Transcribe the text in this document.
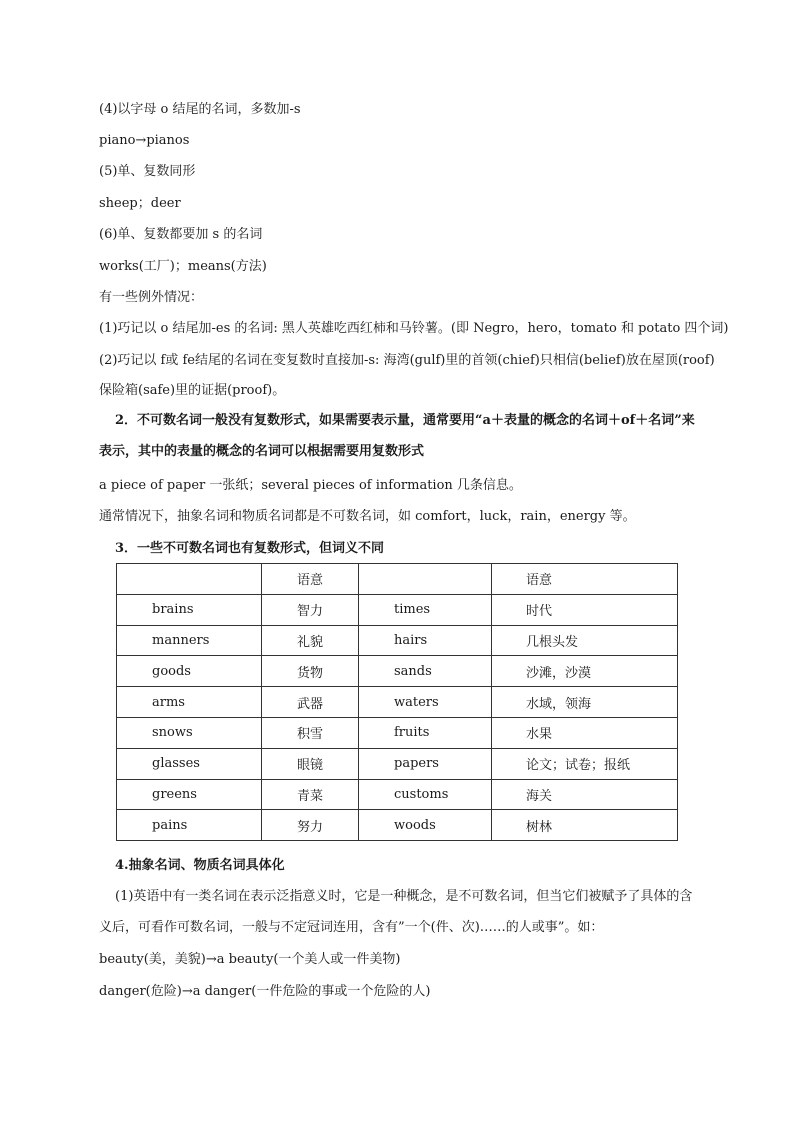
(4)以字母 o 结尾的名词，多数加-s
piano→pianos
(5)单、复数同形
sheep；deer
(6)单、复数都要加 s 的名词
works(工厂)；means(方法)
有一些例外情况：
(1)巧记以 o 结尾加-es 的名词: 黑人英雄吃西红柿和马铃薯。(即 Negro，hero，tomato 和 potato 四个词)
(2)巧记以 f或 fe结尾的名词在变复数时直接加-s: 海湾(gulf)里的首领(chief)只相信(belief)放在屋顶(roof)
保险箱(safe)里的证据(proof)。
2．不可数名词一般没有复数形式，如果需要表示量，通常要用“a＋表量的概念的名词＋of＋名词”来
表示，其中的表量的概念的名词可以根据需要用复数形式
a piece of paper 一张纸；several pieces of information 几条信息。
通常情况下，抽象名词和物质名词都是不可数名词，如 comfort，luck，rain，energy 等。
3．一些不可数名词也有复数形式，但词义不同
4.抽象名词、物质名词具体化
(1)英语中有一类名词在表示泛指意义时，它是一种概念，是不可数名词，但当它们被赋予了具体的含
义后，可看作可数名词，一般与不定冠词连用，含有”一个(件、次)……的人或事”。如：
beauty(美，美貌)→a beauty(一个美人或一件美物)
danger(危险)→a danger(一件危险的事或一个危险的人)
	语意		语意
brains	智力	times	时代
manners	礼貌	hairs	几根头发
goods	货物	sands	沙滩，沙漠
arms	武器	waters	水域，领海
snows	积雪	fruits	水果
glasses	眼镜	papers	论文；试卷；报纸
greens	青菜	customs	海关
pains	努力	woods	树林
